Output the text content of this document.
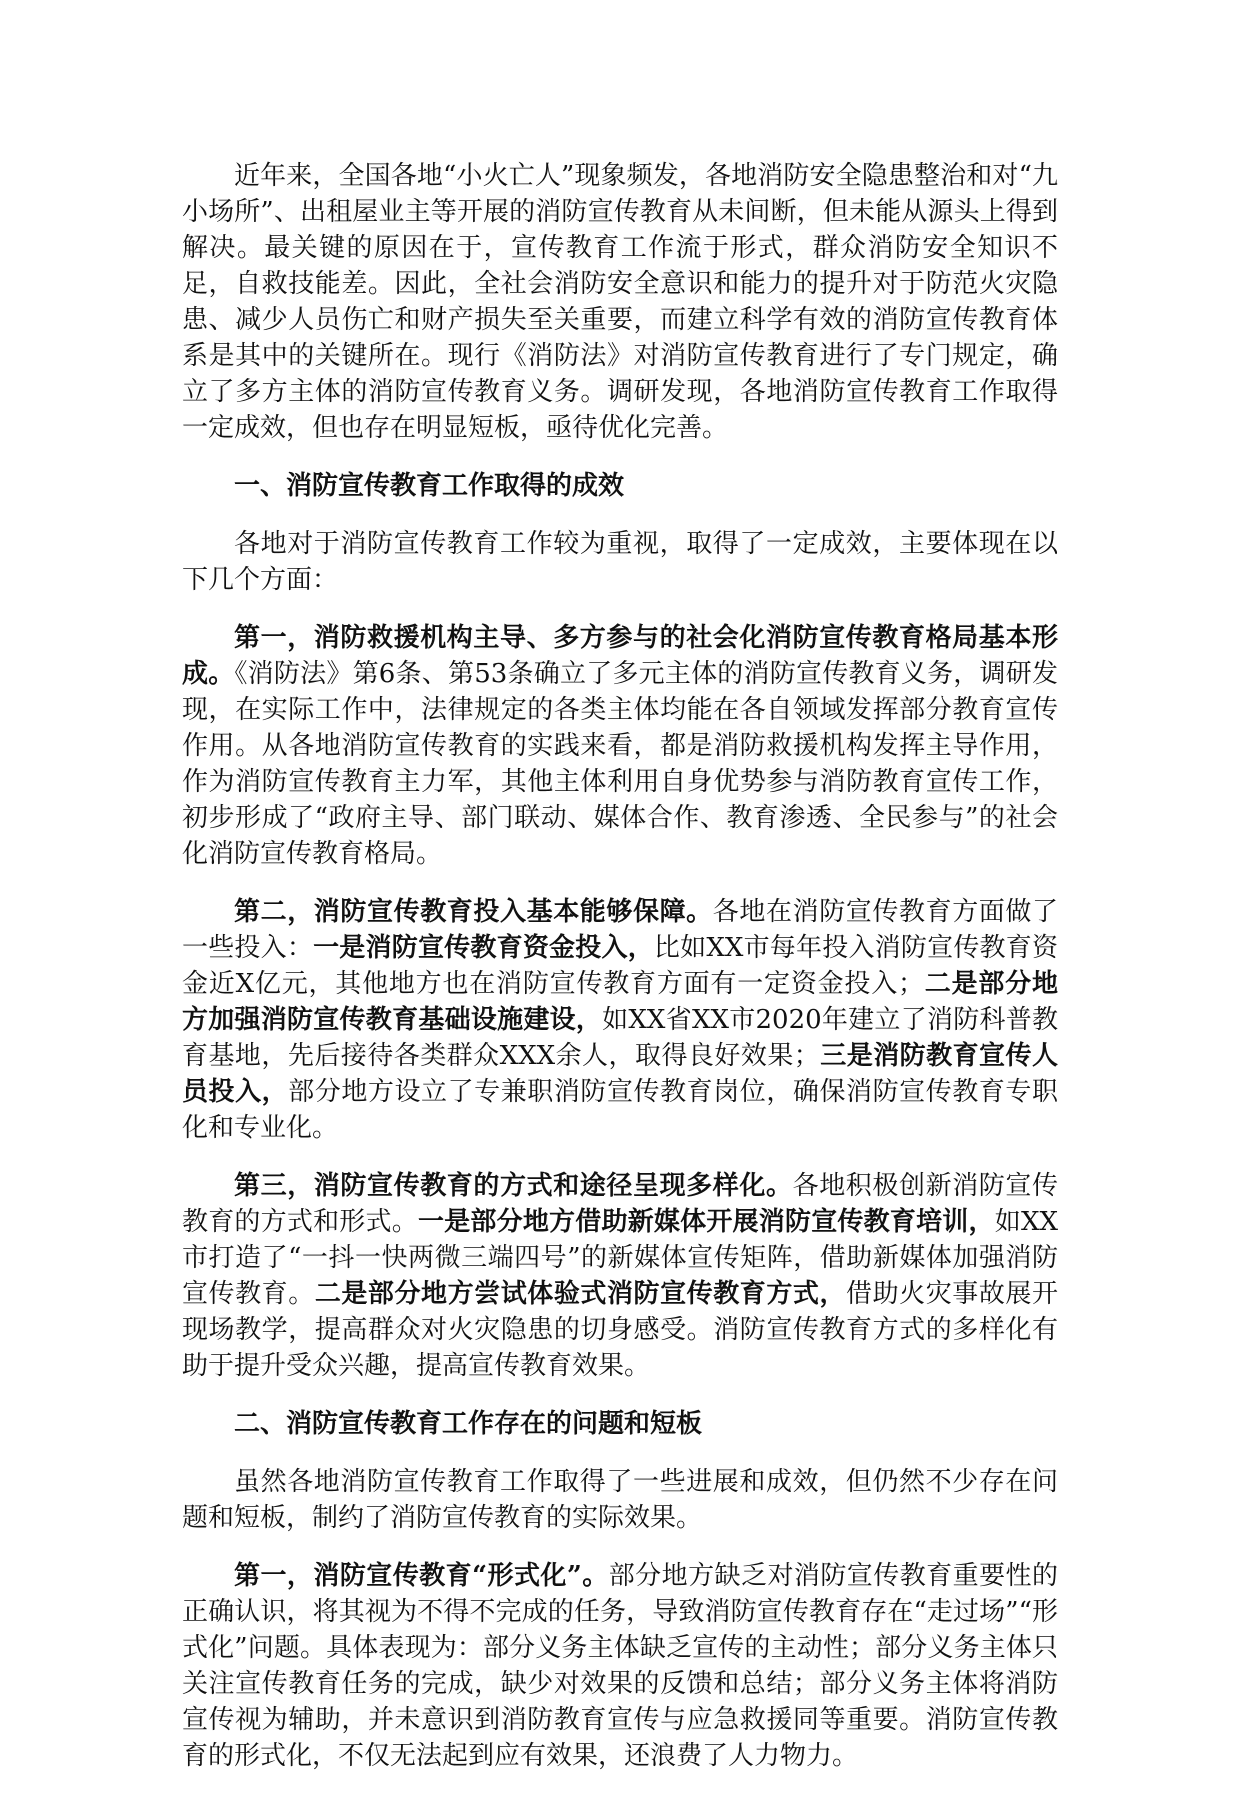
近年来，全国各地“小火亡人”现象频发，各地消防安全隐患整治和对“九小场所”、出租屋业主等开展的消防宣传教育从未间断，但未能从源头上得到解决。最关键的原因在于，宣传教育工作流于形式，群众消防安全知识不足，自救技能差。因此，全社会消防安全意识和能力的提升对于防范火灾隐患、减少人员伤亡和财产损失至关重要，而建立科学有效的消防宣传教育体系是其中的关键所在。现行《消防法》对消防宣传教育进行了专门规定，确立了多方主体的消防宣传教育义务。调研发现，各地消防宣传教育工作取得一定成效，但也存在明显短板，亟待优化完善。

一、消防宣传教育工作取得的成效

各地对于消防宣传教育工作较为重视，取得了一定成效，主要体现在以下几个方面：

第一，消防救援机构主导、多方参与的社会化消防宣传教育格局基本形成。《消防法》第6条、第53条确立了多元主体的消防宣传教育义务，调研发现，在实际工作中，法律规定的各类主体均能在各自领域发挥部分教育宣传作用。从各地消防宣传教育的实践来看，都是消防救援机构发挥主导作用，作为消防宣传教育主力军，其他主体利用自身优势参与消防教育宣传工作，初步形成了“政府主导、部门联动、媒体合作、教育渗透、全民参与”的社会化消防宣传教育格局。

第二，消防宣传教育投入基本能够保障。各地在消防宣传教育方面做了一些投入：一是消防宣传教育资金投入，比如XX市每年投入消防宣传教育资金近X亿元，其他地方也在消防宣传教育方面有一定资金投入；二是部分地方加强消防宣传教育基础设施建设，如XX省XX市2020年建立了消防科普教育基地，先后接待各类群众XXX余人，取得良好效果；三是消防教育宣传人员投入，部分地方设立了专兼职消防宣传教育岗位，确保消防宣传教育专职化和专业化。

第三，消防宣传教育的方式和途径呈现多样化。各地积极创新消防宣传教育的方式和形式。一是部分地方借助新媒体开展消防宣传教育培训，如XX市打造了“一抖一快两微三端四号”的新媒体宣传矩阵，借助新媒体加强消防宣传教育。二是部分地方尝试体验式消防宣传教育方式，借助火灾事故展开现场教学，提高群众对火灾隐患的切身感受。消防宣传教育方式的多样化有助于提升受众兴趣，提高宣传教育效果。

二、消防宣传教育工作存在的问题和短板

虽然各地消防宣传教育工作取得了一些进展和成效，但仍然不少存在问题和短板，制约了消防宣传教育的实际效果。

第一，消防宣传教育“形式化”。部分地方缺乏对消防宣传教育重要性的正确认识，将其视为不得不完成的任务，导致消防宣传教育存在“走过场”“形式化”问题。具体表现为：部分义务主体缺乏宣传的主动性；部分义务主体只关注宣传教育任务的完成，缺少对效果的反馈和总结；部分义务主体将消防宣传视为辅助，并未意识到消防教育宣传与应急救援同等重要。消防宣传教育的形式化，不仅无法起到应有效果，还浪费了人力物力。
